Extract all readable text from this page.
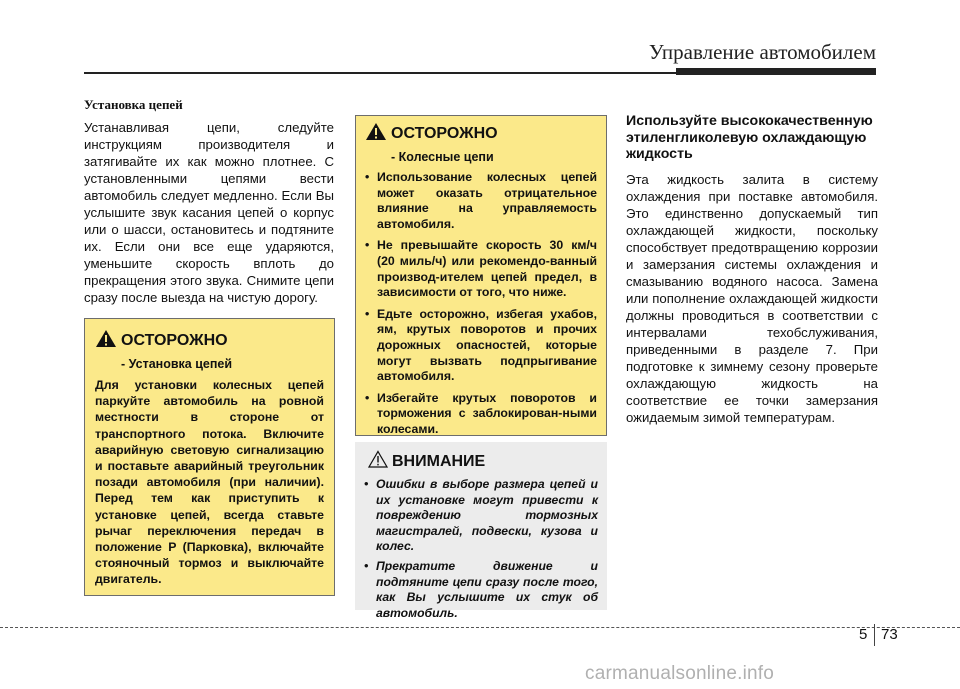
Управление автомобилем
Установка цепей

Устанавливая цепи, следуйте инструкциям производителя и затягивайте их как можно плотнее. С установленными цепями вести автомобиль следует медленно. Если Вы услышите звук касания цепей о корпус или о шасси, остановитесь и подтяните их. Если они все еще ударяются, уменьшите скорость вплоть до прекращения этого звука. Снимите цепи сразу после выезда на чистую дорогу.

ОСТОРОЖНО
- Установка цепей

Для установки колесных цепей паркуйте автомобиль на ровной местности в стороне от транспортного потока. Включите аварийную световую сигнализацию и поставьте аварийный треугольник позади автомобиля (при наличии). Перед тем как приступить к установке цепей, всегда ставьте рычаг переключения передач в положение P (Парковка), включайте стояночный тормоз и выключайте двигатель.

ОСТОРОЖНО
- Колесные цепи
• Использование колесных цепей может оказать отрицательное влияние на управляемость автомобиля.
• Не превышайте скорость 30 км/ч (20 миль/ч) или рекомендо-ванный производ-ителем цепей предел, в зависимости от того, что ниже.
• Едьте осторожно, избегая ухабов, ям, крутых поворотов и прочих дорожных опасностей, которые могут вызвать подпрыгивание автомобиля.
• Избегайте крутых поворотов и торможения с заблокирован-ными колесами.
ВНИМАНИЕ
• Ошибки в выборе размера цепей и их установке могут привести к повреждению тормозных магистралей, подвески, кузова и колес.
• Прекратите движение и подтяните цепи сразу после того, как Вы услышите их стук об автомобиль.

Используйте высококачественную этиленгликолевую охлаждающую жидкость

Эта жидкость залита в систему охлаждения при поставке автомобиля. Это единственно допускаемый тип охлаждающей жидкости, поскольку способствует предотвращению коррозии и замерзания системы охлаждения и смазыванию водяного насоса. Замена или пополнение охлаждающей жидкости должны проводиться в соответствии с интервалами техобслуживания, приведенными в разделе 7. При подготовке к зимнему сезону проверьте охлаждающую жидкость на соответствие ее точки замерзания ожидаемым зимой температурам.

5 73
carmanualsonline.info
